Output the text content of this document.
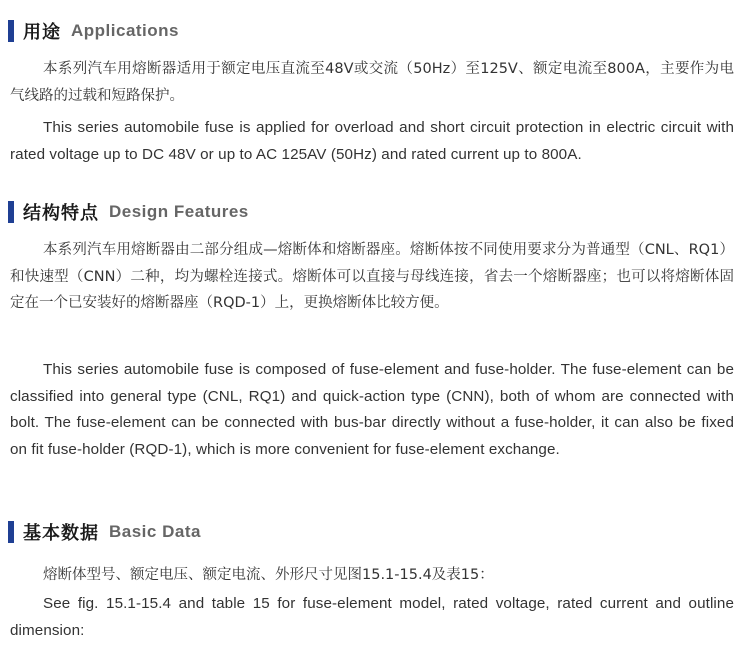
用途 Applications

本系列汽车用熔断器适用于额定电压直流至48V或交流（50Hz）至125V、额定电流至800A，主要作为电气线路的过载和短路保护。

This series automobile fuse is applied for overload and short circuit protection in electric circuit with rated voltage up to DC 48V or up to AC 125AV (50Hz) and rated current up to 800A.

结构特点 Design Features

本系列汽车用熔断器由二部分组成—熔断体和熔断器座。熔断体按不同使用要求分为普通型（CNL、RQ1）和快速型（CNN）二种，均为螺栓连接式。熔断体可以直接与母线连接，省去一个熔断器座；也可以将熔断体固定在一个已安装好的熔断器座（RQD-1）上，更换熔断体比较方便。

This series automobile fuse is composed of fuse-element and fuse-holder. The fuse-element can be classified into general type (CNL, RQ1) and quick-action type (CNN), both of whom are connected with bolt. The fuse-element can be connected with bus-bar directly without a fuse-holder, it can also be fixed on fit fuse-holder (RQD-1), which is more convenient for fuse-element exchange.

基本数据 Basic Data

熔断体型号、额定电压、额定电流、外形尺寸见图15.1-15.4及表15：

See fig. 15.1-15.4 and table 15 for fuse-element model, rated voltage, rated current and outline dimension:
